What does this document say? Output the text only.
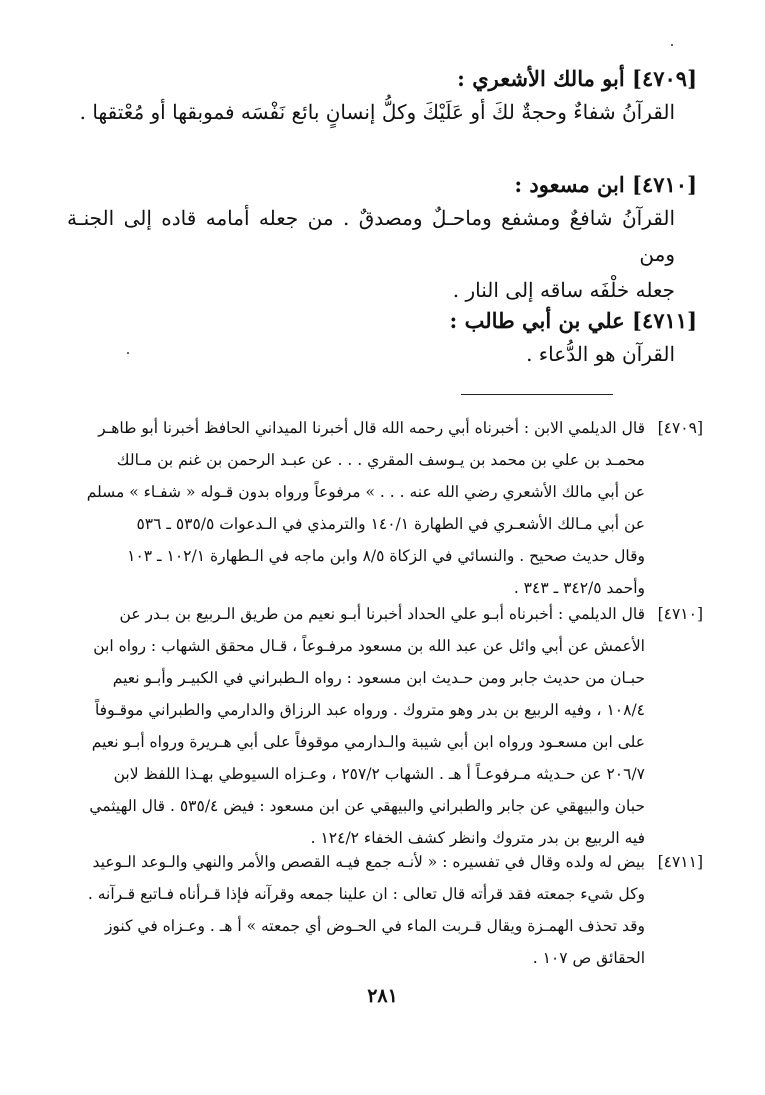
[٤٧٠٩] أبو مالك الأشعري :
القرآنُ شفاءٌ وحجةٌ لكَ أو عَلَيْكَ وكلُّ إنسانٍ بائع نَفْسَه فموبقها أو مُعْتقها .
[٤٧١٠] ابن مسعود :
القرآنُ شافعٌ ومشفع وماحـلٌ ومصدقٌ . من جعله أمامه قاده إلى الجنـة ومن
جعله خلْفَه ساقه إلى النار .
[٤٧١١] علي بن أبي طالب :
القرآن هو الدُّعاء .
[٤٧٠٩]
قال الديلمي الابن : أخبرناه أبي رحمه الله قال أخبرنا الميداني الحافظ أخبرنا أبو طاهـر
محمـد بن علي بن محمد بن يـوسف المقري . . . عن عبـد الرحمن بن غنم بن مـالك
عن أبي مالك الأشعري رضي الله عنه . . . » مرفوعاً ورواه بدون قـوله « شفـاء » مسلم
عن أبي مـالك الأشعـري في الطهارة ١٤٠/١ والترمذي في الـدعوات ٥٣٥/٥ ـ ٥٣٦
وقال حديث صحيح . والنسائي في الزكاة ٨/٥ وابن ماجه في الـطهارة ١٠٢/١ ـ ١٠٣
وأحمد ٣٤٢/٥ ـ ٣٤٣ .
[٤٧١٠]
قال الديلمي : أخبرناه أبـو علي الحداد أخبرنا أبـو نعيم من طريق الـربيع بن بـدر عن
الأعمش عن أبي وائل عن عبد الله بن مسعود مرفـوعاً ، قـال محقق الشهاب : رواه ابن
حبـان من حديث جابر ومن حـديث ابن مسعود : رواه الـطبراني في الكبيـر وأبـو نعيم
١٠٨/٤ ، وفيه الربيع بن بدر وهو متروك . ورواه عبد الرزاق والدارمي والطبراني موقـوفاً
على ابن مسعـود ورواه ابن أبي شيبة والـدارمي موقوفاً على أبي هـريرة ورواه أبـو نعيم
٢٠٦/٧ عن حـديثه مـرفوعـاً أ هـ . الشهاب ٢٥٧/٢ ، وعـزاه السيوطي بهـذا اللفظ لابن
حبان والبيهقي عن جابر والطبراني والبيهقي عن ابن مسعود : فيض ٥٣٥/٤ . قال الهيثمي
فيه الربيع بن بدر متروك وانظر كشف الخفاء ١٢٤/٢ .
[٤٧١١]
بيض له ولده وقال في تفسيره : « لأنـه جمع فيـه القصص والأمر والنهي والـوعد الـوعيد
وكل شيء جمعته فقد قرأته قال تعالى : ان علينا جمعه وقرآنه فإذا قـرأناه فـاتبع قـرآنه .
وقد تحذف الهمـزة ويقال قـربت الماء في الحـوض أي جمعته » أ هـ . وعـزاه في كنوز
الحقائق ص ١٠٧ .
٢٨١
